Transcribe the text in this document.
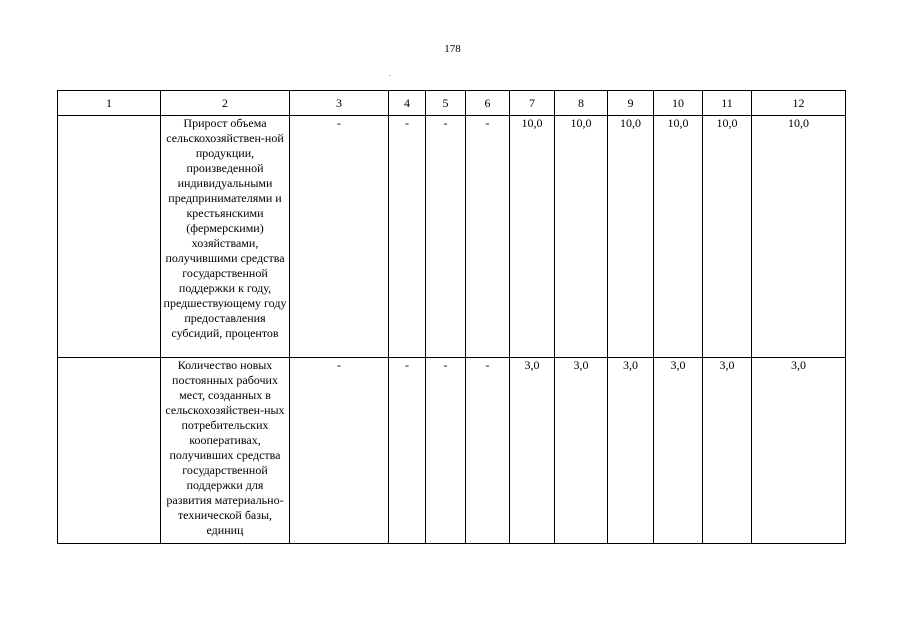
178
1	2	3	4	5	6	7	8	9	10	11	12
	Прирост объема сельскохозяйствен-ной продукции, произведенной индивидуальными предпринимателями и крестьянскими (фермерскими) хозяйствами, получившими средства государственной поддержки к году, предшествующему году предоставления субсидий, процентов	-	-	-	-	10,0	10,0	10,0	10,0	10,0	10,0
	Количество новых постоянных рабочих мест, созданных в сельскохозяйствен-ных потребительских кооперативах, получивших средства государственной поддержки для развития материально-технической базы, единиц	-	-	-	-	3,0	3,0	3,0	3,0	3,0	3,0
